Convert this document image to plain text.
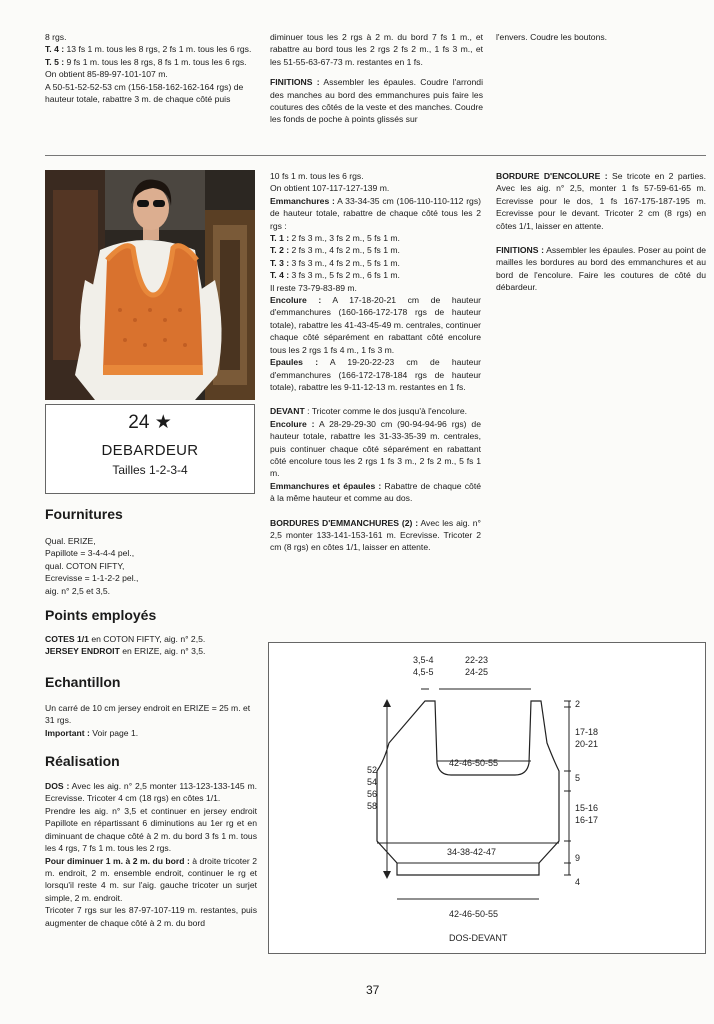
8 rgs.

T. 4 : 13 fs 1 m. tous les 8 rgs, 2 fs 1 m. tous les 6 rgs.

T. 5 : 9 fs 1 m. tous les 8 rgs, 8 fs 1 m. tous les 6 rgs.

On obtient 85-89-97-101-107 m.

A 50-51-52-52-53 cm (156-158-162-162-164 rgs) de hauteur totale, rabattre 3 m. de chaque côté puis

diminuer tous les 2 rgs à 2 m. du bord 7 fs 1 m., et rabattre au bord tous les 2 rgs 2 fs 2 m., 1 fs 3 m., et les 51-55-63-67-73 m. restantes en 1 fs.

FINITIONS : Assembler les épaules. Coudre l'arrondi des manches au bord des emmanchures puis faire les coutures des côtés de la veste et des manches. Coudre les fonds de poche à points glissés sur

l'envers. Coudre les boutons.

24 ★
DEBARDEUR
Tailles 1-2-3-4
Fournitures

Qual. ERIZE,

Papillote = 3-4-4-4 pel.,

qual. COTON FIFTY,

Ecrevisse = 1-1-2-2 pel.,

aig. n° 2,5 et 3,5.

Points employés

COTES 1/1 en COTON FIFTY, aig. n° 2,5.

JERSEY ENDROIT en ERIZE, aig. n° 3,5.

Echantillon

Un carré de 10 cm jersey endroit en ERIZE = 25 m. et 31 rgs.

Important : Voir page 1.

Réalisation

DOS : Avec les aig. n° 2,5 monter 113-123-133-145 m. Ecrevisse. Tricoter 4 cm (18 rgs) en côtes 1/1.

Prendre les aig. n° 3,5 et continuer en jersey endroit Papillote en répartissant 6 diminutions au 1er rg et en diminuant de chaque côté à 2 m. du bord 3 fs 1 m. tous les 4 rgs, 7 fs 1 m. tous les 2 rgs.

Pour diminuer 1 m. à 2 m. du bord : à droite tricoter 2 m. endroit, 2 m. ensemble endroit, continuer le rg et lorsqu'il reste 4 m. sur l'aig. gauche tricoter un surjet simple, 2 m. endroit.

Tricoter 7 rgs sur les 87-97-107-119 m. restantes, puis augmenter de chaque côté à 2 m. du bord

10 fs 1 m. tous les 6 rgs.

On obtient 107-117-127-139 m.

Emmanchures : A 33-34-35 cm (106-110-110-112 rgs) de hauteur totale, rabattre de chaque côté tous les 2 rgs :

T. 1 : 2 fs 3 m., 3 fs 2 m., 5 fs 1 m.

T. 2 : 2 fs 3 m., 4 fs 2 m., 5 fs 1 m.

T. 3 : 3 fs 3 m., 4 fs 2 m., 5 fs 1 m.

T. 4 : 3 fs 3 m., 5 fs 2 m., 6 fs 1 m.

Il reste 73-79-83-89 m.

Encolure : A 17-18-20-21 cm de hauteur d'emmanchures (160-166-172-178 rgs de hauteur totale), rabattre les 41-43-45-49 m. centrales, continuer chaque côté séparément en rabattant côté encolure tous les 2 rgs 1 fs 4 m., 1 fs 3 m.

Epaules : A 19-20-22-23 cm de hauteur d'emmanchures (166-172-178-184 rgs de hauteur totale), rabattre les 9-11-12-13 m. restantes en 1 fs.

DEVANT : Tricoter comme le dos jusqu'à l'encolure.

Encolure : A 28-29-29-30 cm (90-94-94-96 rgs) de hauteur totale, rabattre les 31-33-35-39 m. centrales, puis continuer chaque côté séparément en rabattant côté encolure tous les 2 rgs 1 fs 3 m., 2 fs 2 m., 5 fs 1 m.

Emmanchures et épaules : Rabattre de chaque côté à la même hauteur et comme au dos.

BORDURES D'EMMANCHURES (2) : Avec les aig. n° 2,5 monter 133-141-153-161 m. Ecrevisse. Tricoter 2 cm (8 rgs) en côtes 1/1, laisser en attente.

BORDURE D'ENCOLURE : Se tricote en 2 parties. Avec les aig. n° 2,5, monter 1 fs 57-59-61-65 m. Ecrevisse pour le dos, 1 fs 167-175-187-195 m. Ecrevisse pour le devant. Tricoter 2 cm (8 rgs) en côtes 1/1, laisser en attente.

FINITIONS : Assembler les épaules. Poser au point de mailles les bordures au bord des emmanchures et au bord de l'encolure. Faire les coutures de côté du débardeur.

3,5-4
4,5-5
22-23
24-25
52
54
56
58
42-46-50-55
34-38-42-47
42-46-50-55
2
17-18
20-21
5
15-16
16-17
9
4
DOS-DEVANT
37
